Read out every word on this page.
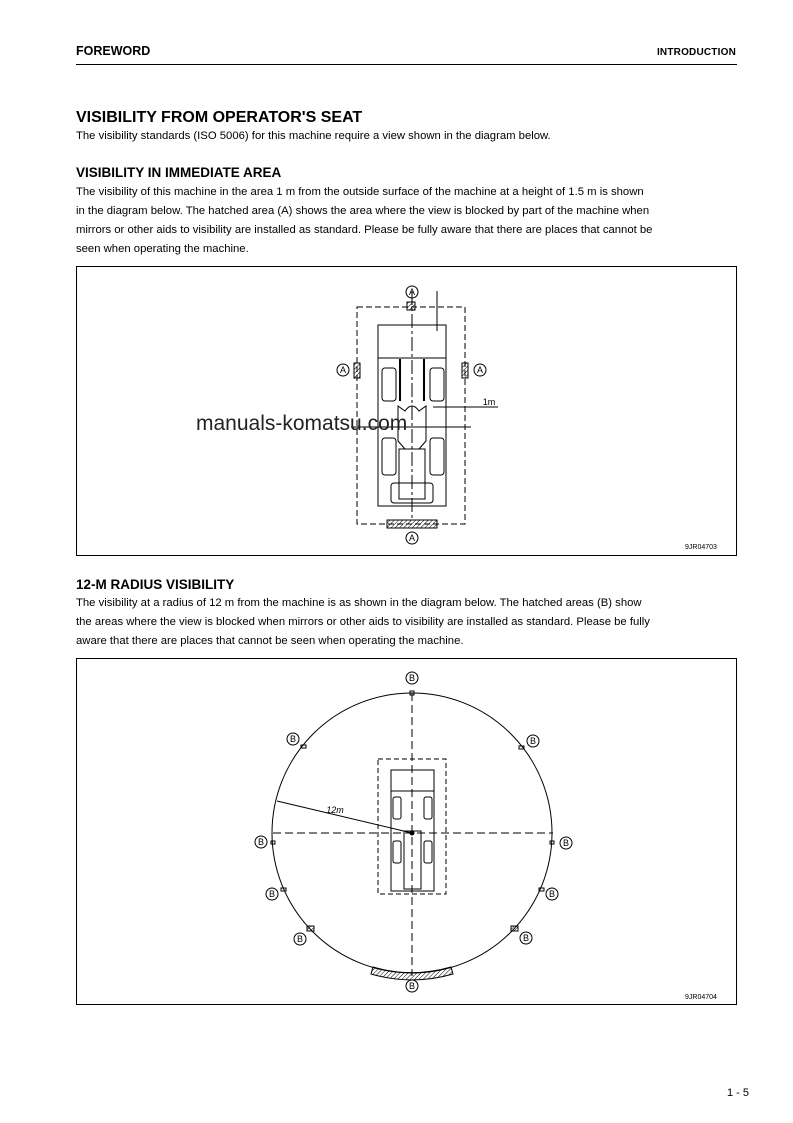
FOREWORD	INTRODUCTION
VISIBILITY FROM OPERATOR'S SEAT
The visibility standards (ISO 5006) for this machine require a view shown in the diagram below.
VISIBILITY IN IMMEDIATE AREA
The visibility of this machine in the area 1 m from the outside surface of the machine at a height of 1.5 m is shown
in the diagram below. The hatched area (A) shows the area where the view is blocked by part of the machine when
mirrors or other aids to visibility are installed as standard. Please be fully aware that there are places that cannot be
seen when operating the machine.
A
A	A
A
1m
9JR04703
manuals-komatsu.com
12-M RADIUS VISIBILITY
The visibility at a radius of 12 m from the machine is as shown in the diagram below. The hatched areas (B) show
the areas where the view is blocked when mirrors or other aids to visibility are installed as standard. Please be fully
aware that there are places that cannot be seen when operating the machine.
B
B	B
B	B
B	B
B	B
B
12m
9JR04704
1 - 5
